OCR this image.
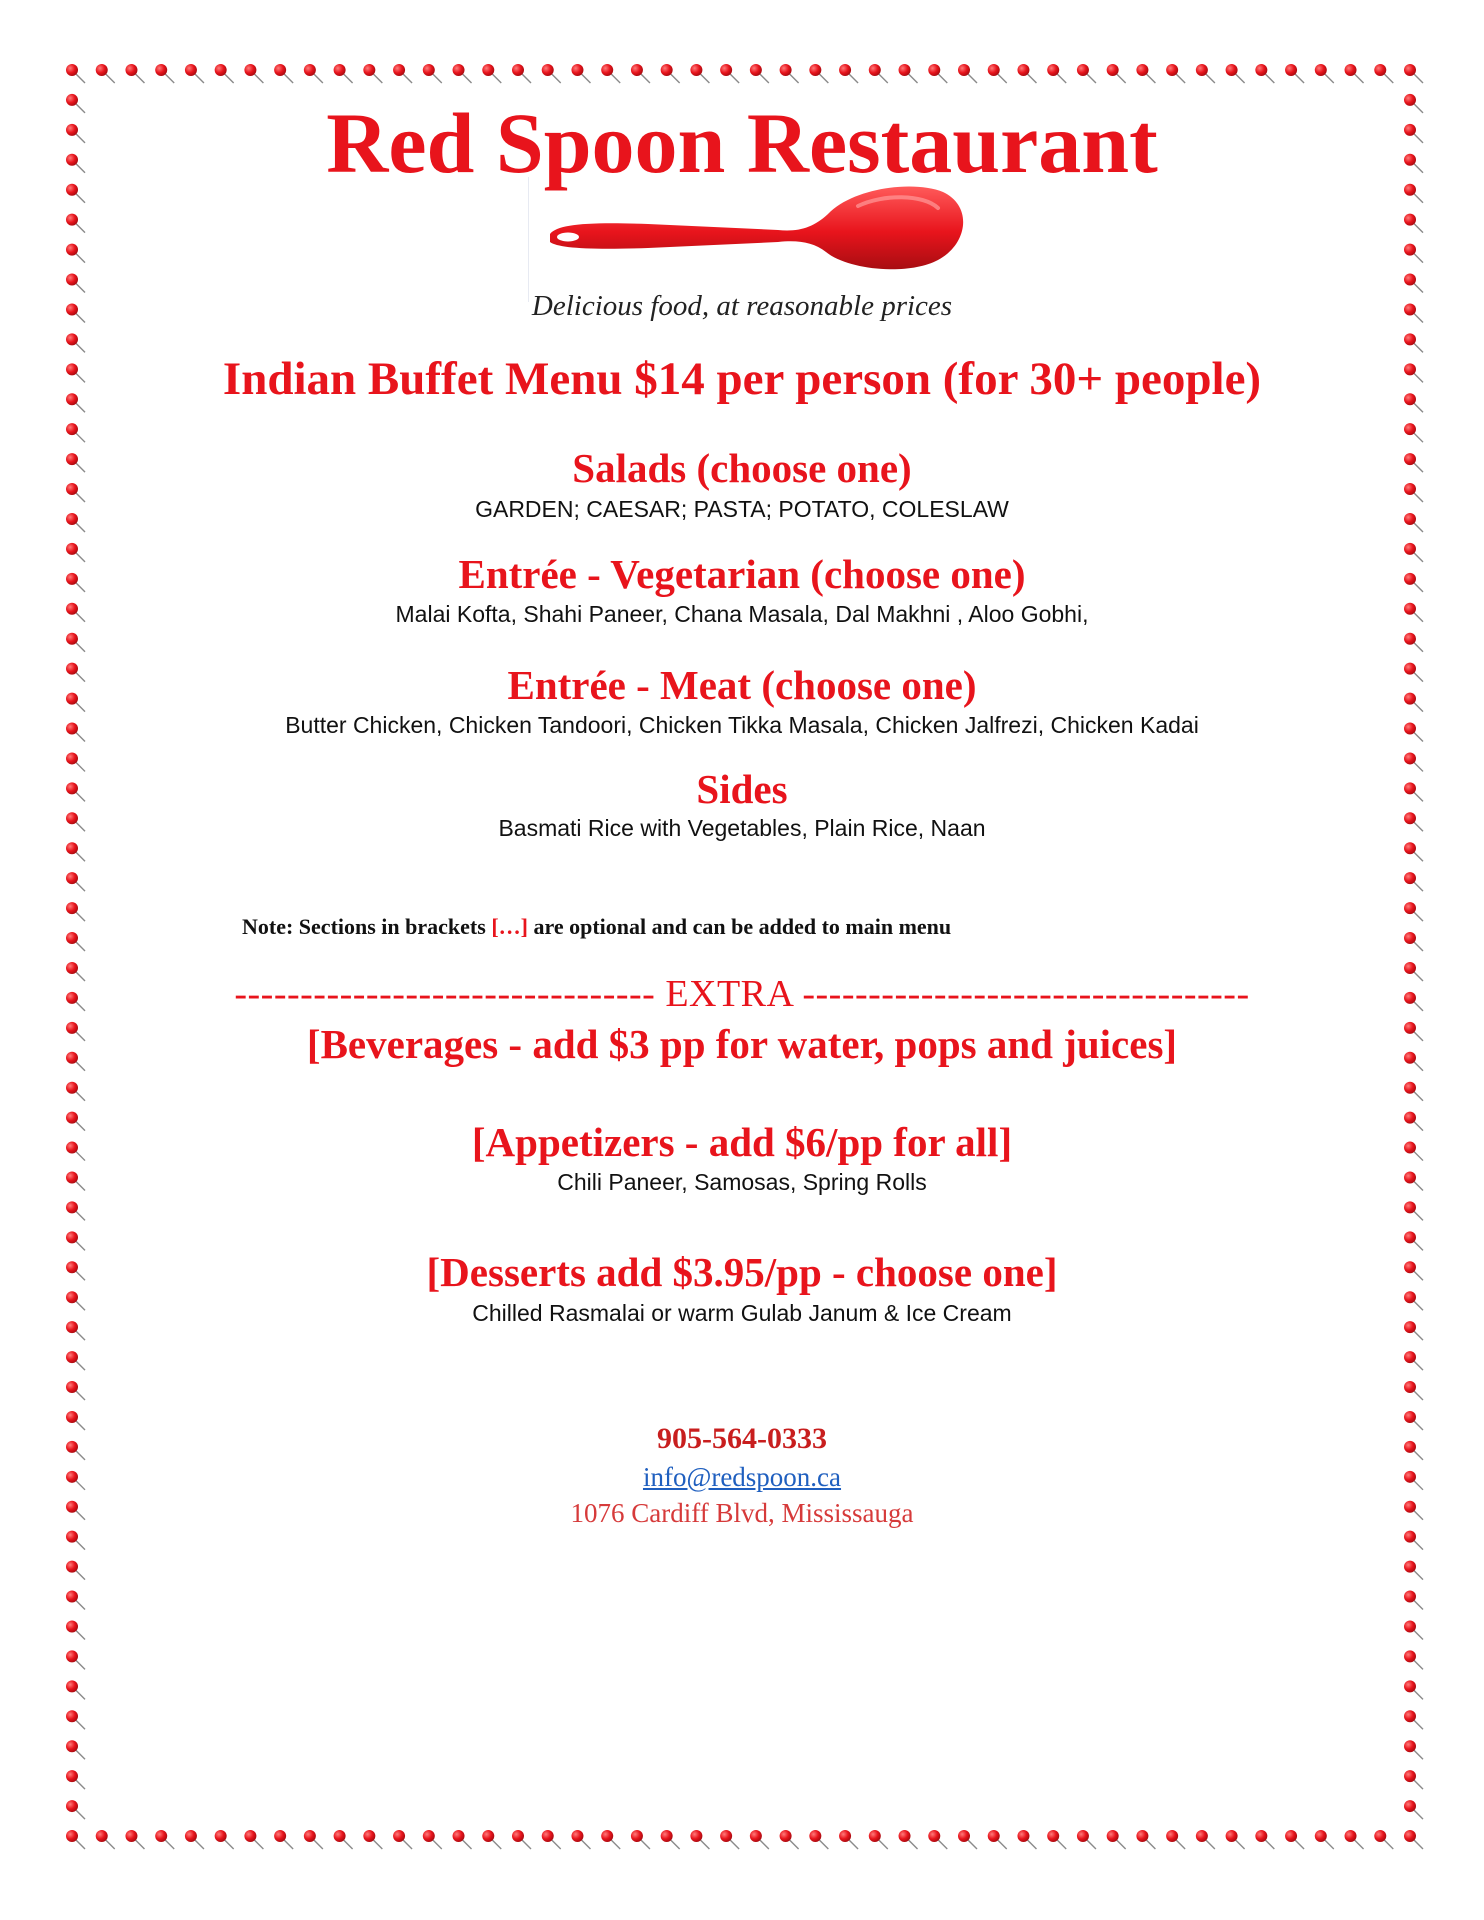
Red Spoon Restaurant
Delicious food, at reasonable prices
Indian Buffet Menu $14 per person (for 30+ people)
Salads (choose one)
GARDEN; CAESAR; PASTA; POTATO, COLESLAW
Entrée - Vegetarian (choose one)
Malai Kofta, Shahi Paneer, Chana Masala, Dal Makhni , Aloo Gobhi,
Entrée - Meat (choose one)
Butter Chicken, Chicken Tandoori, Chicken Tikka Masala, Chicken Jalfrezi, Chicken Kadai
Sides
Basmati Rice with Vegetables, Plain Rice, Naan
Note: Sections in brackets […] are optional and can be added to main menu
-------------------------------- EXTRA ----------------------------------
[Beverages - add $3 pp for water, pops and juices]
[Appetizers - add $6/pp for all]
Chili Paneer, Samosas, Spring Rolls
[Desserts add $3.95/pp - choose one]
Chilled Rasmalai or warm Gulab Janum & Ice Cream
905-564-0333
info@redspoon.ca
1076 Cardiff Blvd, Mississauga
